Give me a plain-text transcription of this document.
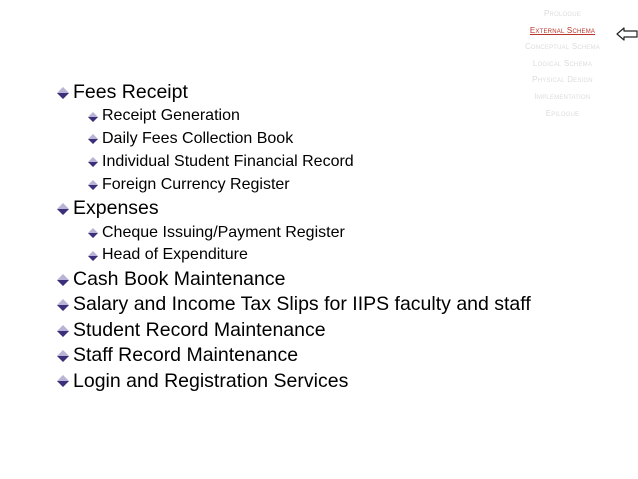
Prologue
External Schema
Conceptual Schema
Logical Schema
Physical Design
Implementation
Epilogue
Fees Receipt
Receipt Generation
Daily Fees Collection Book
Individual Student Financial Record
Foreign Currency Register
Expenses
Cheque Issuing/Payment Register
Head of Expenditure
Cash Book Maintenance
Salary and Income Tax Slips for IIPS faculty and staff
Student Record Maintenance
Staff Record Maintenance
Login and Registration Services
